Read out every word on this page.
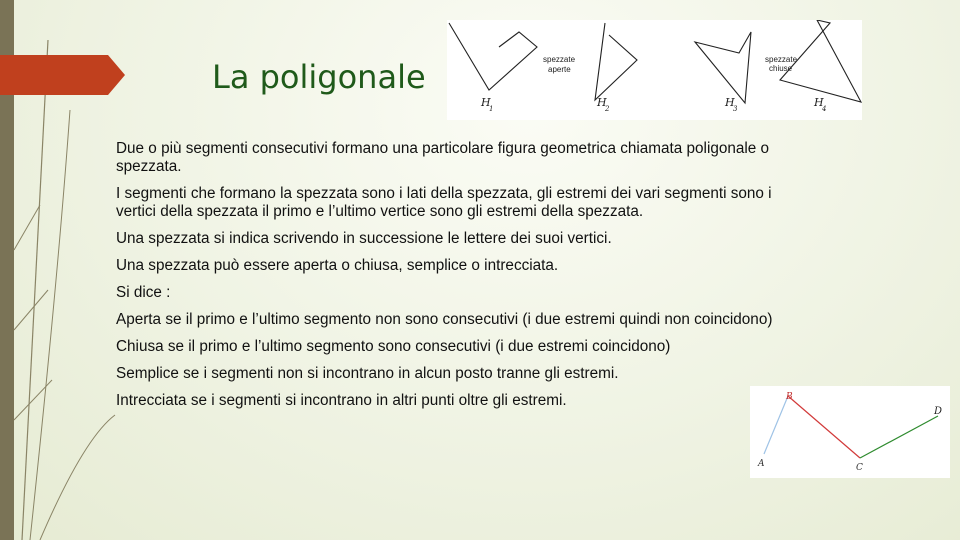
La poligonale	spezzate
aperte
spezzate
chiuse
H
1	H
2	H
3	H
4

Due o più segmenti consecutivi formano una particolare figura geometrica chiamata poligonale o spezzata.

I segmenti che formano la spezzata sono i lati della spezzata, gli estremi dei vari segmenti sono i vertici della spezzata il primo e l’ultimo vertice sono gli estremi della spezzata.

Una spezzata si indica scrivendo in successione le lettere dei suoi vertici.

Una spezzata può essere aperta o chiusa, semplice o intrecciata.

Si dice :

Aperta se il primo e l’ultimo segmento non sono consecutivi (i due estremi quindi non coincidono)

Chiusa se il primo e l’ultimo segmento sono consecutivi (i due estremi coincidono)

Semplice se i segmenti non si incontrano in alcun posto tranne gli estremi.

Intrecciata se i segmenti si incontrano in altri punti oltre gli estremi.

A
B
C
D
